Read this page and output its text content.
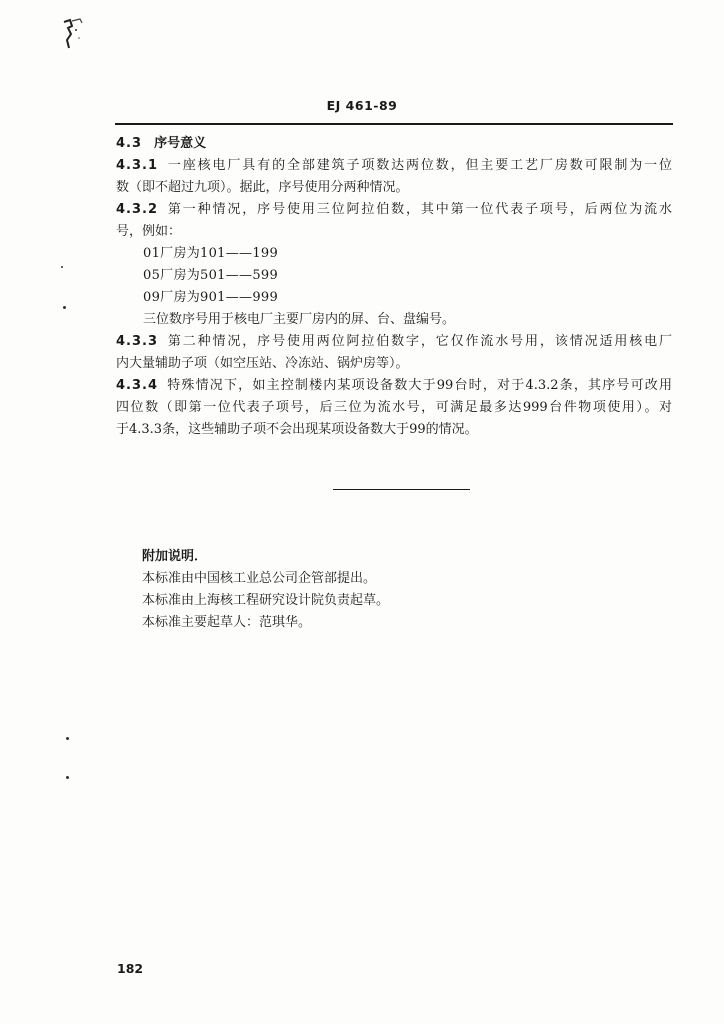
EJ 461-89
4.3 序号意义
4.3.1 一座核电厂具有的全部建筑子项数达两位数，但主要工艺厂房数可限制为一位
数（即不超过九项）。据此，序号使用分两种情况。
4.3.2 第一种情况，序号使用三位阿拉伯数，其中第一位代表子项号，后两位为流水
号，例如：
01厂房为101——199
05厂房为501——599
09厂房为901——999
三位数序号用于核电厂主要厂房内的屏、台、盘编号。
4.3.3 第二种情况，序号使用两位阿拉伯数字，它仅作流水号用，该情况适用核电厂
内大量辅助子项（如空压站、冷冻站、锅炉房等）。
4.3.4 特殊情况下，如主控制楼内某项设备数大于99台时，对于4.3.2条，其序号可改用
四位数（即第一位代表子项号，后三位为流水号，可满足最多达999台件物项使用）。对
于4.3.3条，这些辅助子项不会出现某项设备数大于99的情况。
附加说明．
本标准由中国核工业总公司企管部提出。
本标准由上海核工程研究设计院负责起草。
本标准主要起草人：范琪华。
182
